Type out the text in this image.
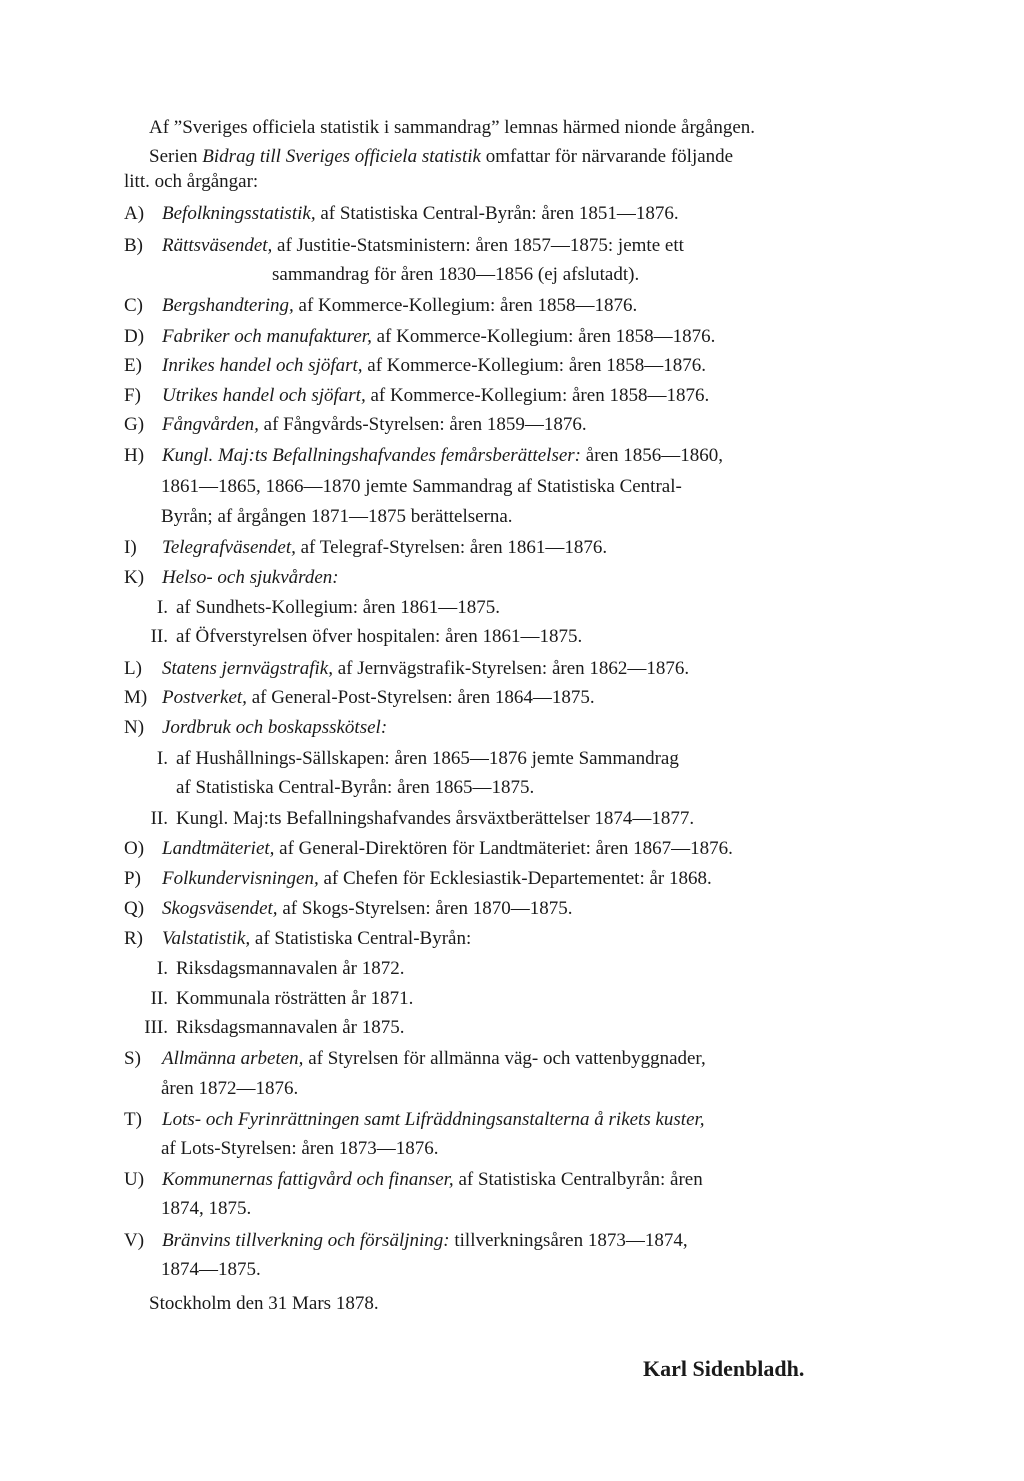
Af ”Sveriges officiela statistik i sammandrag” lemnas härmed nionde årgången.
Serien Bidrag till Sveriges officiela statistik omfattar för närvarande följande
litt. och årgångar:
A) Befolkningsstatistik, af Statistiska Central-Byrån: åren 1851—1876.
B) Rättsväsendet, af Justitie-Statsministern: åren 1857—1875: jemte ett
sammandrag för åren 1830—1856 (ej afslutadt).
C) Bergshandtering, af Kommerce-Kollegium: åren 1858—1876.
D) Fabriker och manufakturer, af Kommerce-Kollegium: åren 1858—1876.
E) Inrikes handel och sjöfart, af Kommerce-Kollegium: åren 1858—1876.
F) Utrikes handel och sjöfart, af Kommerce-Kollegium: åren 1858—1876.
G) Fångvården, af Fångvårds-Styrelsen: åren 1859—1876.
H) Kungl. Maj:ts Befallningshafvandes femårsberättelser: åren 1856—1860,
1861—1865, 1866—1870 jemte Sammandrag af Statistiska Central-
Byrån; af årgången 1871—1875 berättelserna.
I) Telegrafväsendet, af Telegraf-Styrelsen: åren 1861—1876.
K) Helso- och sjukvården:
I. af Sundhets-Kollegium: åren 1861—1875.
II. af Öfverstyrelsen öfver hospitalen: åren 1861—1875.
L) Statens jernvägstrafik, af Jernvägstrafik-Styrelsen: åren 1862—1876.
M) Postverket, af General-Post-Styrelsen: åren 1864—1875.
N) Jordbruk och boskapsskötsel:
I. af Hushållnings-Sällskapen: åren 1865—1876 jemte Sammandrag
af Statistiska Central-Byrån: åren 1865—1875.
II. Kungl. Maj:ts Befallningshafvandes årsväxtberättelser 1874—1877.
O) Landtmäteriet, af General-Direktören för Landtmäteriet: åren 1867—1876.
P) Folkundervisningen, af Chefen för Ecklesiastik-Departementet: år 1868.
Q) Skogsväsendet, af Skogs-Styrelsen: åren 1870—1875.
R) Valstatistik, af Statistiska Central-Byrån:
I. Riksdagsmannavalen år 1872.
II. Kommunala rösträtten år 1871.
III. Riksdagsmannavalen år 1875.
S) Allmänna arbeten, af Styrelsen för allmänna väg- och vattenbyggnader,
åren 1872—1876.
T) Lots- och Fyrinrättningen samt Lifräddningsanstalterna å rikets kuster,
af Lots-Styrelsen: åren 1873—1876.
U) Kommunernas fattigvård och finanser, af Statistiska Centralbyrån: åren
1874, 1875.
V) Bränvins tillverkning och försäljning: tillverkningsåren 1873—1874,
1874—1875.
Stockholm den 31 Mars 1878.
Karl Sidenbladh.
